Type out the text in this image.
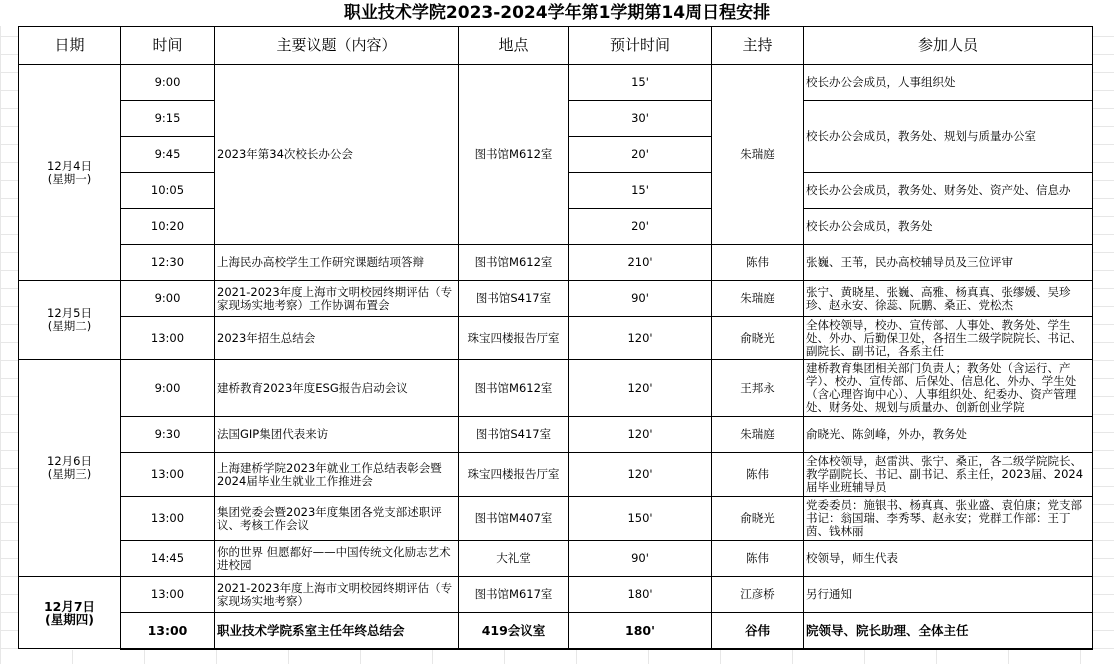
职业技术学院2023-2024学年第1学期第14周日程安排
日期	时间	主要议题（内容）	地点	预计时间	主持	参加人员
12月4日
(星期一)	9:00	2023年第34次校长办公会	图书馆M612室	15'	朱瑞庭	校长办公会成员，人事组织处
	9:15			30'		校长办公会成员，教务处、规划与质量办公室
	9:45			20'		
	10:05			15'		校长办公会成员，教务处、财务处、资产处、信息办
	10:20			20'		校长办公会成员，教务处
	12:30	上海民办高校学生工作研究课题结项答辩	图书馆M612室	210'	陈伟	张巍、王苇，民办高校辅导员及三位评审
12月5日
(星期二)	9:00	2021-2023年度上海市文明校园终期评估（专家现场实地考察）工作协调布置会	图书馆S417室	90'	朱瑞庭	张宁、黄晓星、张巍、高雅、杨真真、张缪媛、吴珍珍、赵永安、徐蕊、阮鹏、桑正、党松杰
	13:00	2023年招生总结会	珠宝四楼报告厅室	120'	俞晓光	全体校领导，校办、宣传部、人事处、教务处、学生处、外办、后勤保卫处，各招生二级学院院长、书记、副院长、副书记，各系主任
12月6日
(星期三)	9:00	建桥教育2023年度ESG报告启动会议	图书馆M612室	120'	王邦永	建桥教育集团相关部门负责人；教务处（含运行、产学）、校办、宣传部、后保处、信息化、外办、学生处（含心理咨询中心）、人事组织处、纪委办、资产管理处、财务处、规划与质量办、创新创业学院
	9:30	法国GIP集团代表来访	图书馆S417室	120'	朱瑞庭	俞晓光、陈剑峰，外办，教务处
	13:00	上海建桥学院2023年就业工作总结表彰会暨2024届毕业生就业工作推进会	珠宝四楼报告厅室	120'	陈伟	全体校领导，赵雷洪、张宁、桑正，各二级学院院长、教学副院长、书记、副书记、系主任，2023届、2024届毕业班辅导员
	13:00	集团党委会暨2023年度集团各党支部述职评议、考核工作会议	图书馆M407室	150'	俞晓光	党委委员：施银书、杨真真、张业盛、袁伯康；党支部书记：翁国瑞、李秀琴、赵永安；党群工作部：王丁茵、钱林丽
	14:45	你的世界 但愿都好——中国传统文化励志艺术进校园	大礼堂	90'	陈伟	校领导，师生代表
12月7日
(星期四)	13:00	2021-2023年度上海市文明校园终期评估（专家现场实地考察）	图书馆M617室	180'	江彦桥	另行通知
	13:00	职业技术学院系室主任年终总结会	419会议室	180'	谷伟	院领导、院长助理、全体主任
